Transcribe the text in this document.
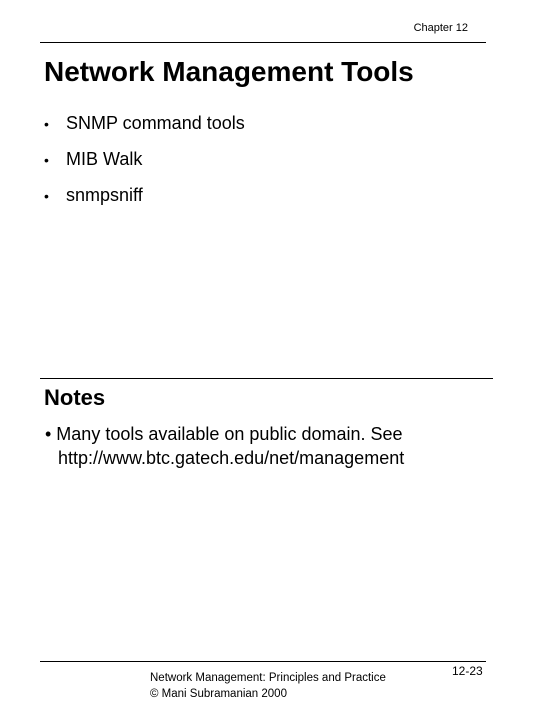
Chapter 12
Network Management Tools
• SNMP command tools
• MIB Walk
• snmpsniff
Notes
• Many tools available on public domain. See
http://www.btc.gatech.edu/net/management
Network Management: Principles and Practice
© Mani Subramanian 2000
12-23
